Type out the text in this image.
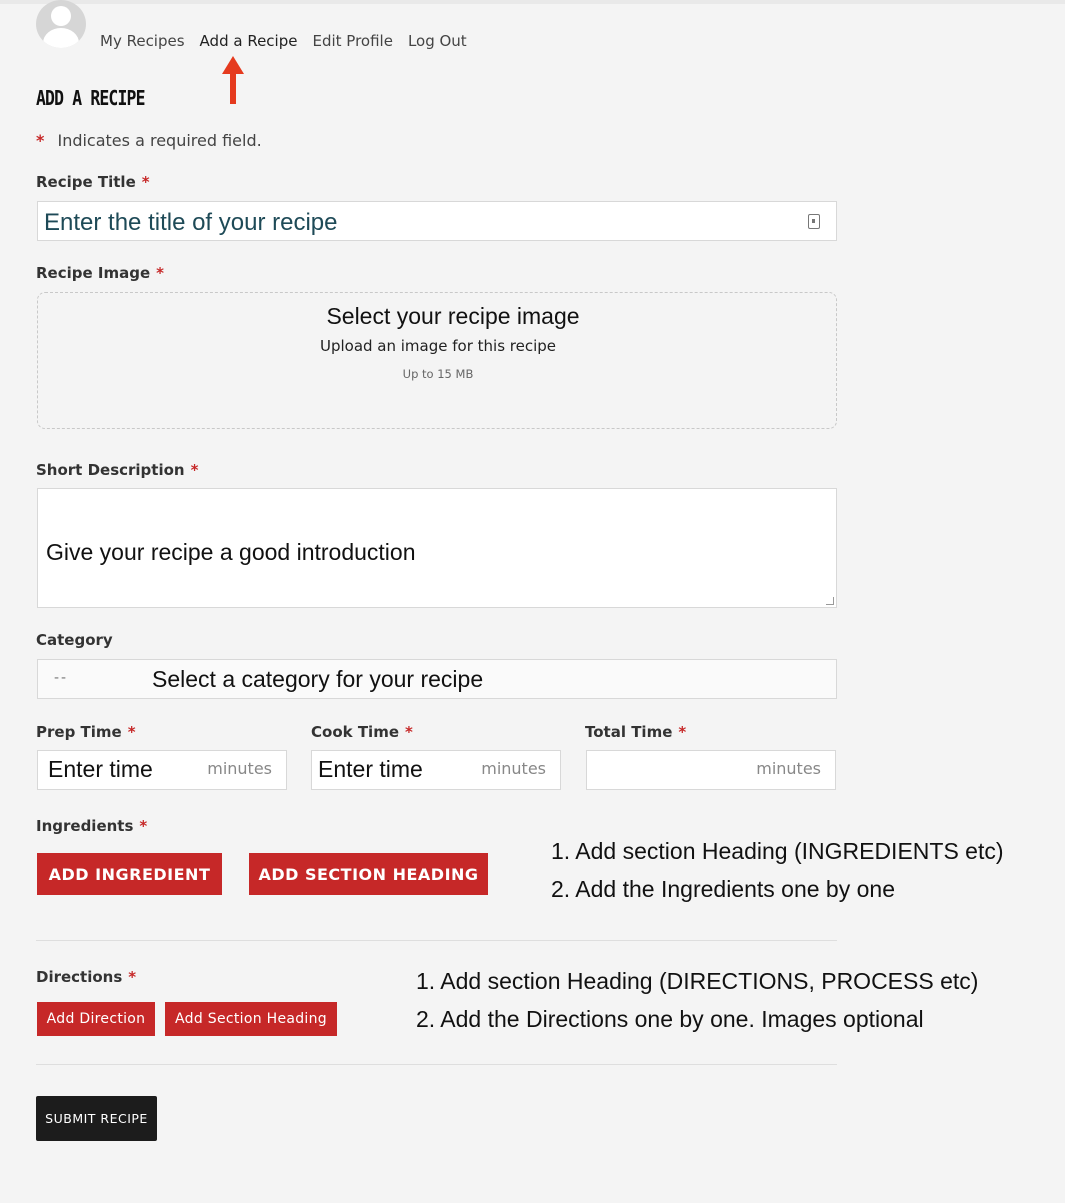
My Recipes Add a Recipe Edit Profile Log Out
ADD A RECIPE
* Indicates a required field.
Recipe Title *
Enter the title of your recipe
Recipe Image *
Select your recipe image
Upload an image for this recipe
Up to 15 MB
Short Description *
Give your recipe a good introduction
Category
--	Select a category for your recipe
Prep Time *
Enter time	minutes
Cook Time *
Enter time	minutes
Total Time *
minutes
Ingredients *
ADD INGREDIENT	ADD SECTION HEADING
1. Add section Heading (INGREDIENTS etc)
2. Add the Ingredients one by one
Directions *
Add Direction	Add Section Heading
1. Add section Heading (DIRECTIONS, PROCESS etc)
2. Add the Directions one by one. Images optional
SUBMIT RECIPE
